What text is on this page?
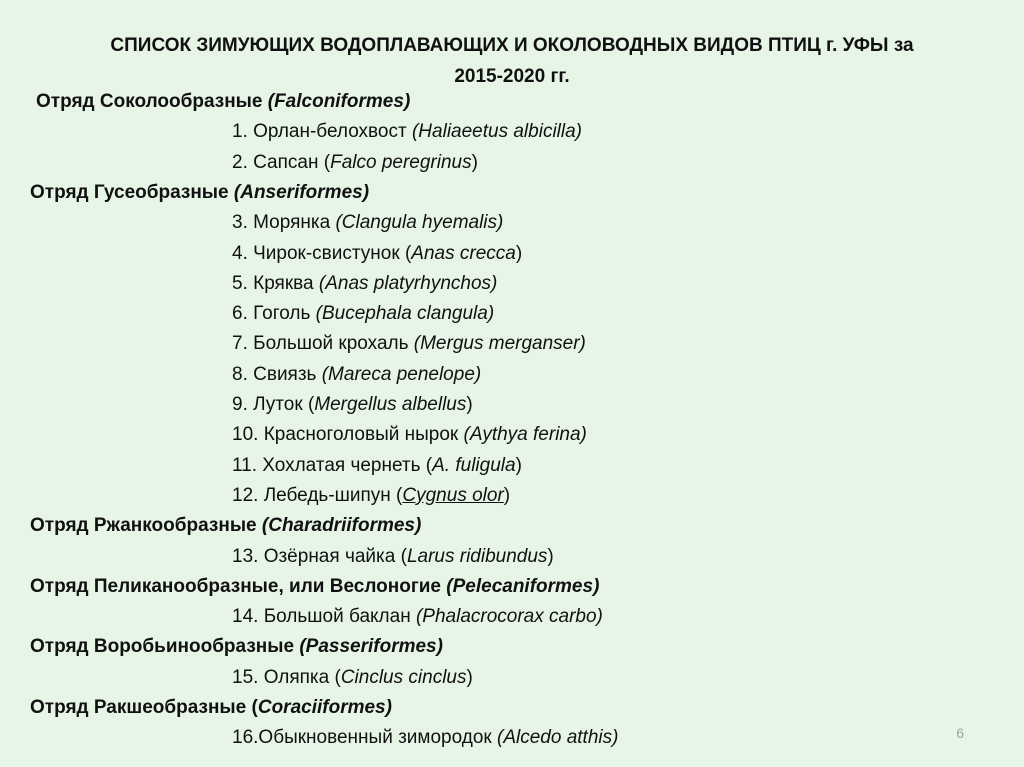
СПИСОК ЗИМУЮЩИХ ВОДОПЛАВАЮЩИХ И ОКОЛОВОДНЫХ ВИДОВ ПТИЦ г. УФЫ за
2015-2020 гг.
Отряд Соколообразные (Falconiformes)
1. Орлан-белохвост (Haliaeetus albicilla)
2. Сапсан (Falco peregrinus)
Отряд Гусеобразные (Anseriformes)
3. Морянка (Clangula hyemalis)
4. Чирок-свистунок (Anas crecca)
5. Кряква (Anas platyrhynchos)
6. Гоголь (Bucephala clangula)
7. Большой крохаль (Mergus merganser)
8. Свиязь (Mareca penelope)
9. Луток (Mergellus albellus)
10. Красноголовый нырок (Aythya ferina)
11. Хохлатая чернеть (A. fuligula)
12. Лебедь-шипун (Cygnus olor)
Отряд Ржанкообразные (Charadriiformes)
13. Озёрная чайка (Larus ridibundus)
Отряд Пеликанообразные, или Веслоногие (Pelecaniformes)
14. Большой баклан (Phalacrocorax carbo)
Отряд Воробьинообразные (Passeriformes)
15. Оляпка (Cinclus cinclus)
Отряд Ракшеобразные (Coraciiformes)
16.Обыкновенный зимородок (Alcedo atthis)	6
